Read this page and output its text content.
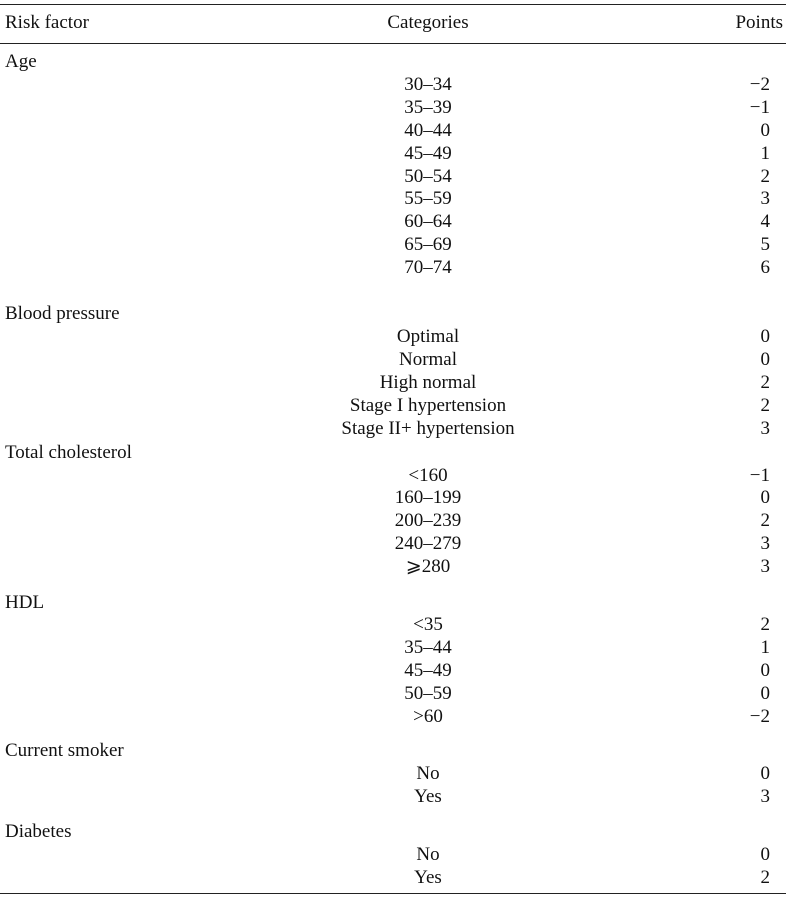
Risk factor	Categories	Points
Age
30–34	−2
35–39	−1
40–44	0
45–49	1
50–54	2
55–59	3
60–64	4
65–69	5
70–74	6
Blood pressure
Optimal	0
Normal	0
High normal	2
Stage I hypertension	2
Stage II+ hypertension	3
Total cholesterol
<160	−1
160–199	0
200–239	2
240–279	3
⩾280	3
HDL
<35	2
35–44	1
45–49	0
50–59	0
>60	−2
Current smoker
No	0
Yes	3
Diabetes
No	0
Yes	2
